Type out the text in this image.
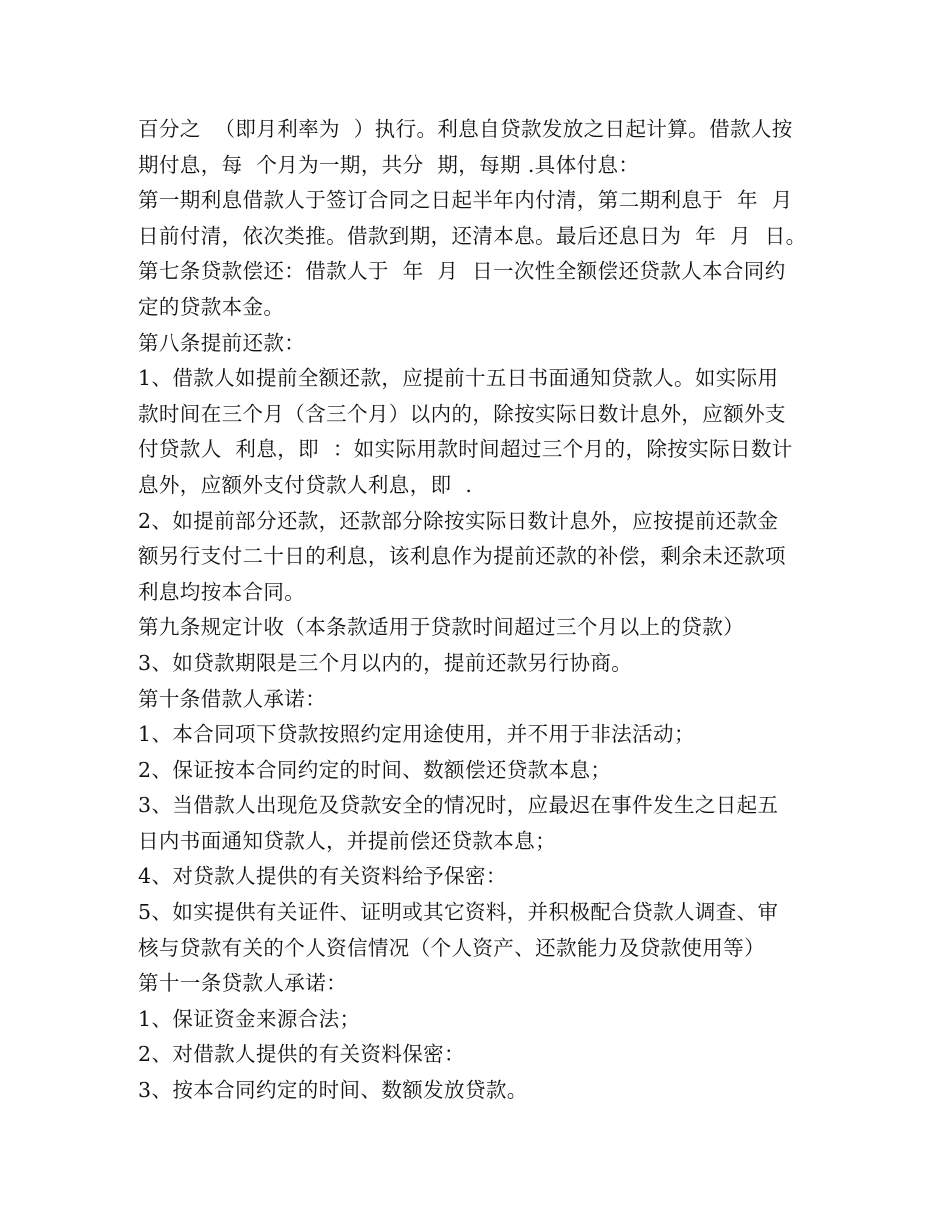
百分之  （即月利率为  ）执行。利息自贷款发放之日起计算。借款人按

期付息，每  个月为一期，共分  期，每期 .具体付息：

第一期利息借款人于签订合同之日起半年内付清，第二期利息于  年  月

日前付清，依次类推。借款到期，还清本息。最后还息日为  年  月  日。

第七条贷款偿还：借款人于  年  月  日一次性全额偿还贷款人本合同约

定的贷款本金。

第八条提前还款：

1、借款人如提前全额还款，应提前十五日书面通知贷款人。如实际用

款时间在三个月（含三个月）以内的，除按实际日数计息外，应额外支

付贷款人  利息，即  ：如实际用款时间超过三个月的，除按实际日数计

息外，应额外支付贷款人利息，即  .

2、如提前部分还款，还款部分除按实际日数计息外，应按提前还款金

额另行支付二十日的利息，该利息作为提前还款的补偿，剩余未还款项

利息均按本合同。

第九条规定计收（本条款适用于贷款时间超过三个月以上的贷款）

3、如贷款期限是三个月以内的，提前还款另行协商。

第十条借款人承诺：

1、本合同项下贷款按照约定用途使用，并不用于非法活动；

2、保证按本合同约定的时间、数额偿还贷款本息；

3、当借款人出现危及贷款安全的情况时，应最迟在事件发生之日起五

日内书面通知贷款人，并提前偿还贷款本息；

4、对贷款人提供的有关资料给予保密：

5、如实提供有关证件、证明或其它资料，并积极配合贷款人调查、审

核与贷款有关的个人资信情况（个人资产、还款能力及贷款使用等）

第十一条贷款人承诺：

1、保证资金来源合法；

2、对借款人提供的有关资料保密：

3、按本合同约定的时间、数额发放贷款。
